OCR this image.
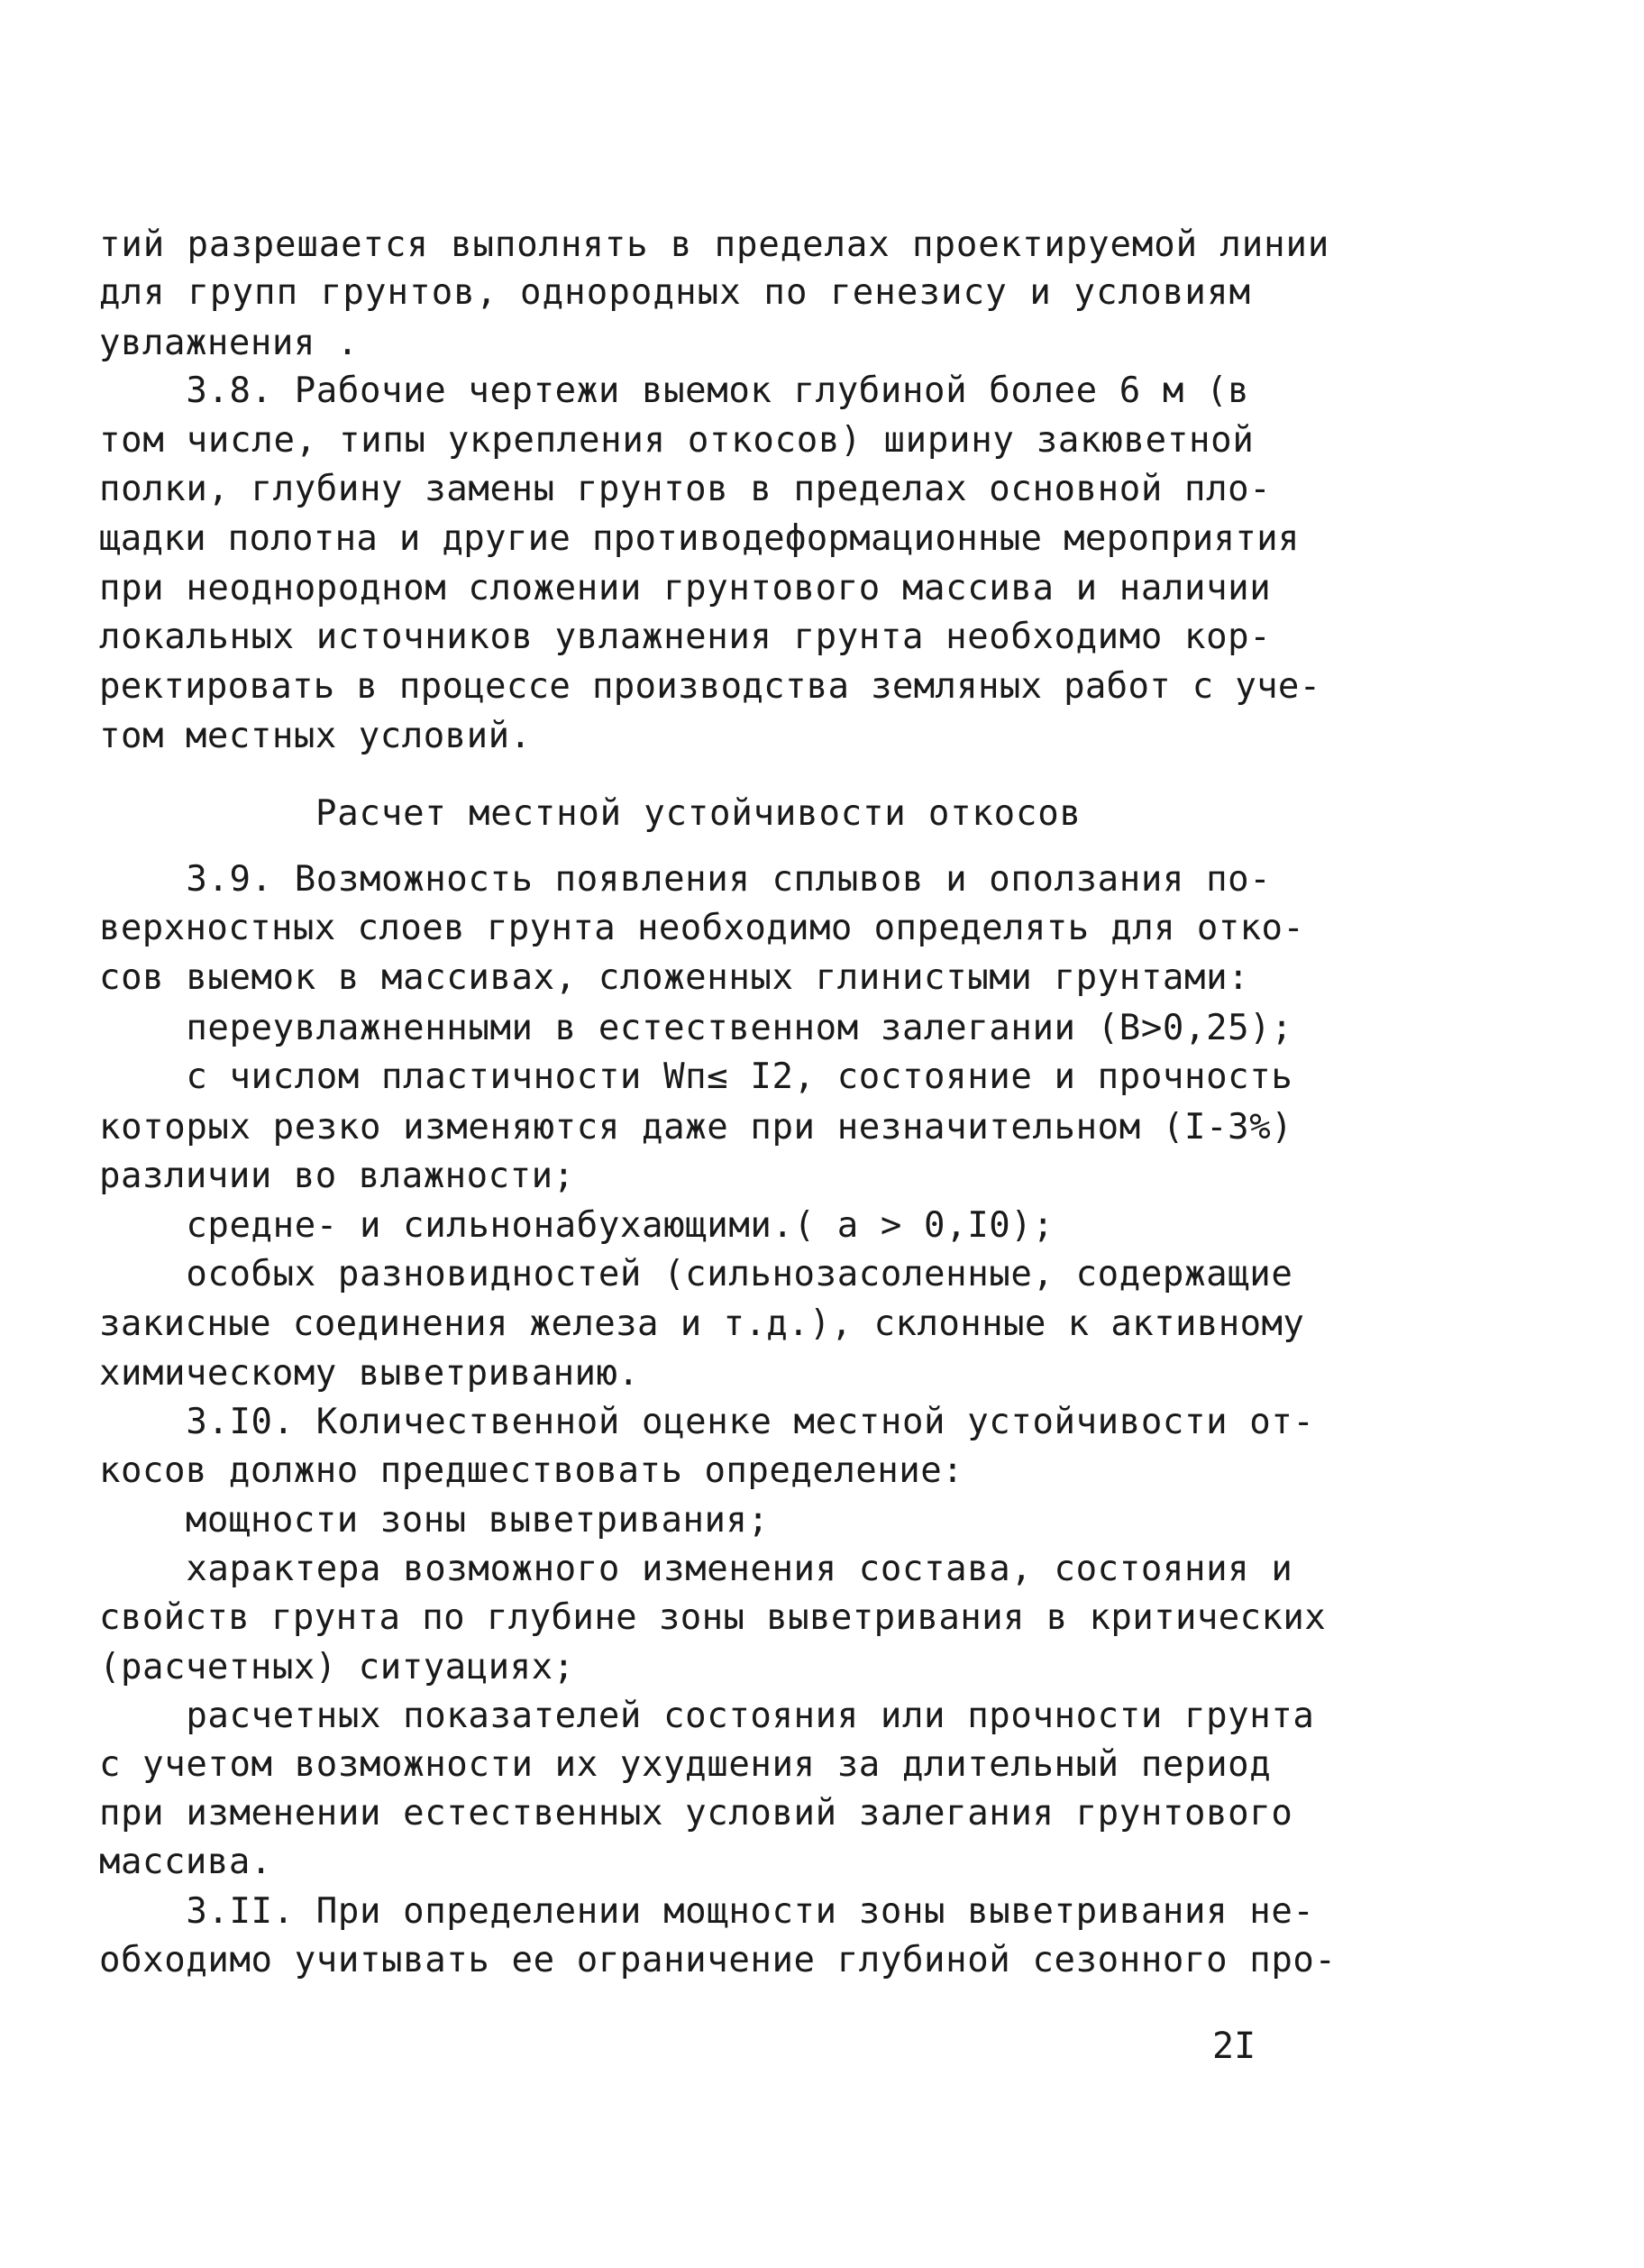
тий разрешается выполнять в пределах проектируемой линии
для групп грунтов, однородных по генезису и условиям
увлажнения .
3.8. Рабочие чертежи выемок глубиной более 6 м (в
том числе, типы укрепления откосов) ширину закюветной
полки, глубину замены грунтов в пределах основной пло-
щадки полотна и другие противодеформационные мероприятия
при неоднородном сложении грунтового массива и наличии
локальных источников увлажнения грунта необходимо кор-
ректировать в процессе производства земляных работ с уче-
том местных условий.
Расчет местной устойчивости откосов
3.9. Возможность появления сплывов и оползания по-
верхностных слоев грунта необходимо определять для отко-
сов выемок в массивах, сложенных глинистыми грунтами:
переувлажненными в естественном залегании (B>0,25);
с числом пластичности Wп≤ I2, состояние и прочность
которых резко изменяются даже при незначительном (I-3%)
различии во влажности;
средне- и сильнонабухающими.( a > 0,I0);
особых разновидностей (сильнозасоленные, содержащие
закисные соединения железа и т.д.), склонные к активному
химическому выветриванию.
3.I0. Количественной оценке местной устойчивости от-
косов должно предшествовать определение:
мощности зоны выветривания;
характера возможного изменения состава, состояния и
свойств грунта по глубине зоны выветривания в критических
(расчетных) ситуациях;
расчетных показателей состояния или прочности грунта
с учетом возможности их ухудшения за длительный период
при изменении естественных условий залегания грунтового
массива.
3.II. При определении мощности зоны выветривания не-
обходимо учитывать ее ограничение глубиной сезонного про-
2I
